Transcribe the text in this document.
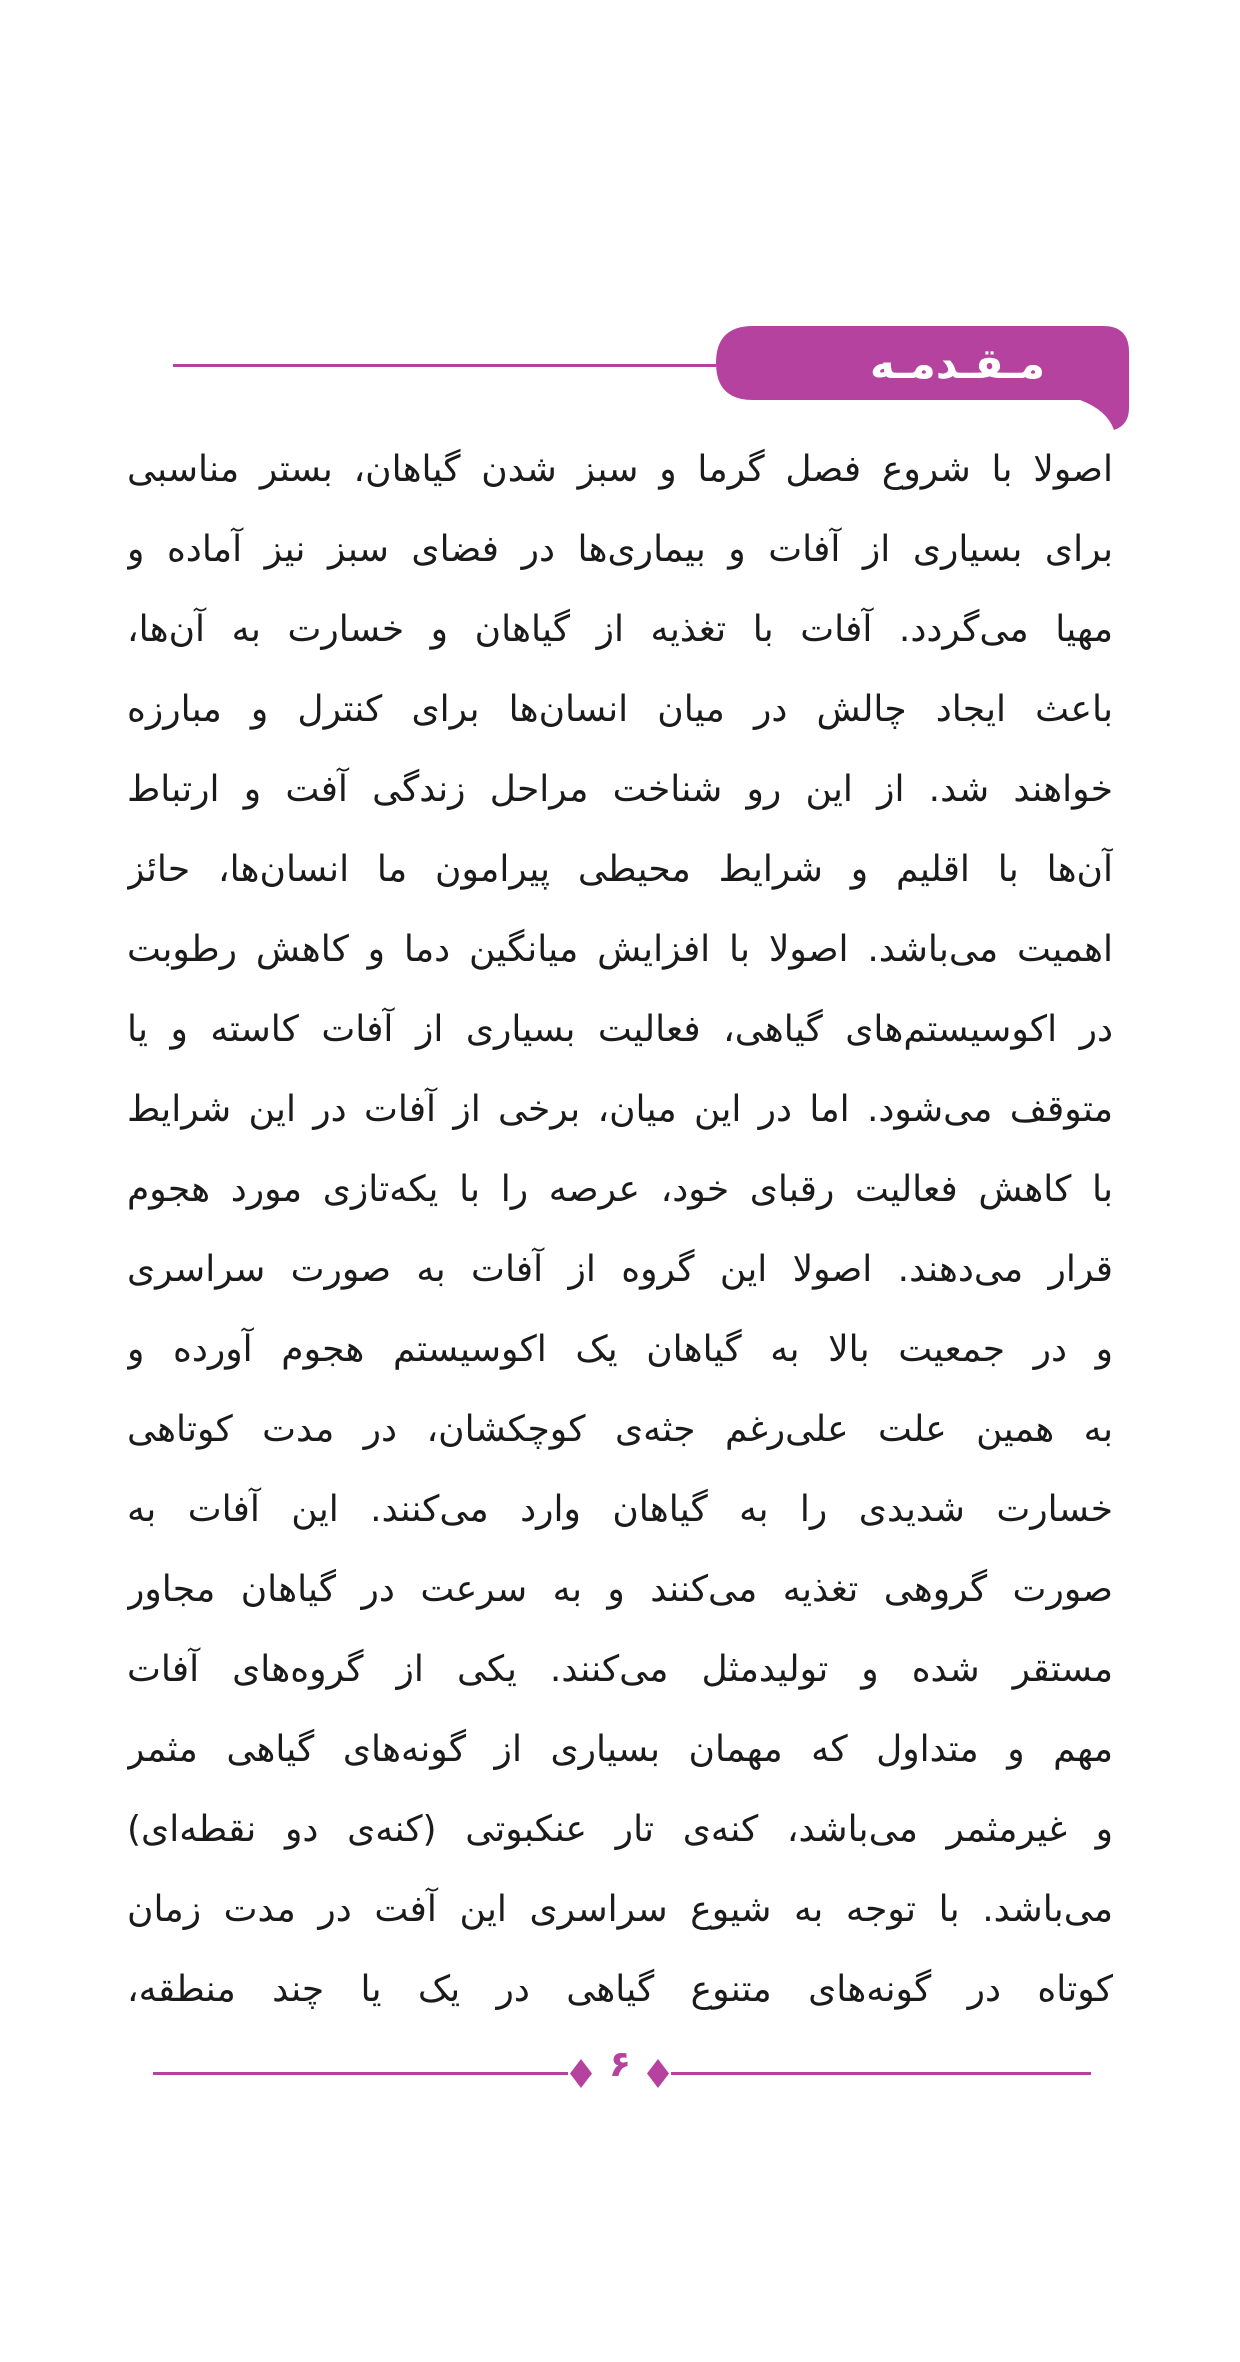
مـقـدمـه

اصولا با شروع فصل گرما و سبز شدن گیاهان، بستر مناسبی

برای بسیاری از آفات و بیماری‌ها در فضای سبز نیز آماده و

مهیا می‌گردد. آفات با تغذیه از گیاهان و خسارت به آن‌ها،

باعث ایجاد چالش در میان انسان‌ها برای کنترل و مبارزه

خواهند شد. از این رو شناخت مراحل زندگی آفت و ارتباط

آن‌ها با اقلیم و شرایط محیطی پیرامون ما انسان‌ها، حائز

اهمیت می‌باشد. اصولا با افزایش میانگین دما و کاهش رطوبت

در اکوسیستم‌های گیاهی، فعالیت بسیاری از آفات کاسته و یا

متوقف می‌شود. اما در این میان، برخی از آفات در این شرایط

با کاهش فعالیت رقبای خود، عرصه را با یکه‌تازی مورد هجوم

قرار می‌دهند. اصولا این گروه از آفات به صورت سراسری

و در جمعیت بالا به گیاهان یک اکوسیستم هجوم آورده و

به همین علت علی‌رغم جثه‌ی کوچکشان، در مدت کوتاهی

خسارت شدیدی را به گیاهان وارد می‌کنند. این آفات به

صورت گروهی تغذیه می‌کنند و به سرعت در گیاهان مجاور

مستقر شده و تولیدمثل می‌کنند. یکی از گروه‌های آفات

مهم و متداول که مهمان بسیاری از گونه‌های گیاهی مثمر

و غیرمثمر می‌باشد، کنه‌ی تار عنکبوتی (کنه‌ی دو نقطه‌ای)

می‌باشد. با توجه به شیوع سراسری این آفت در مدت زمان

کوتاه در گونه‌های متنوع گیاهی در یک یا چند منطقه،

۶
